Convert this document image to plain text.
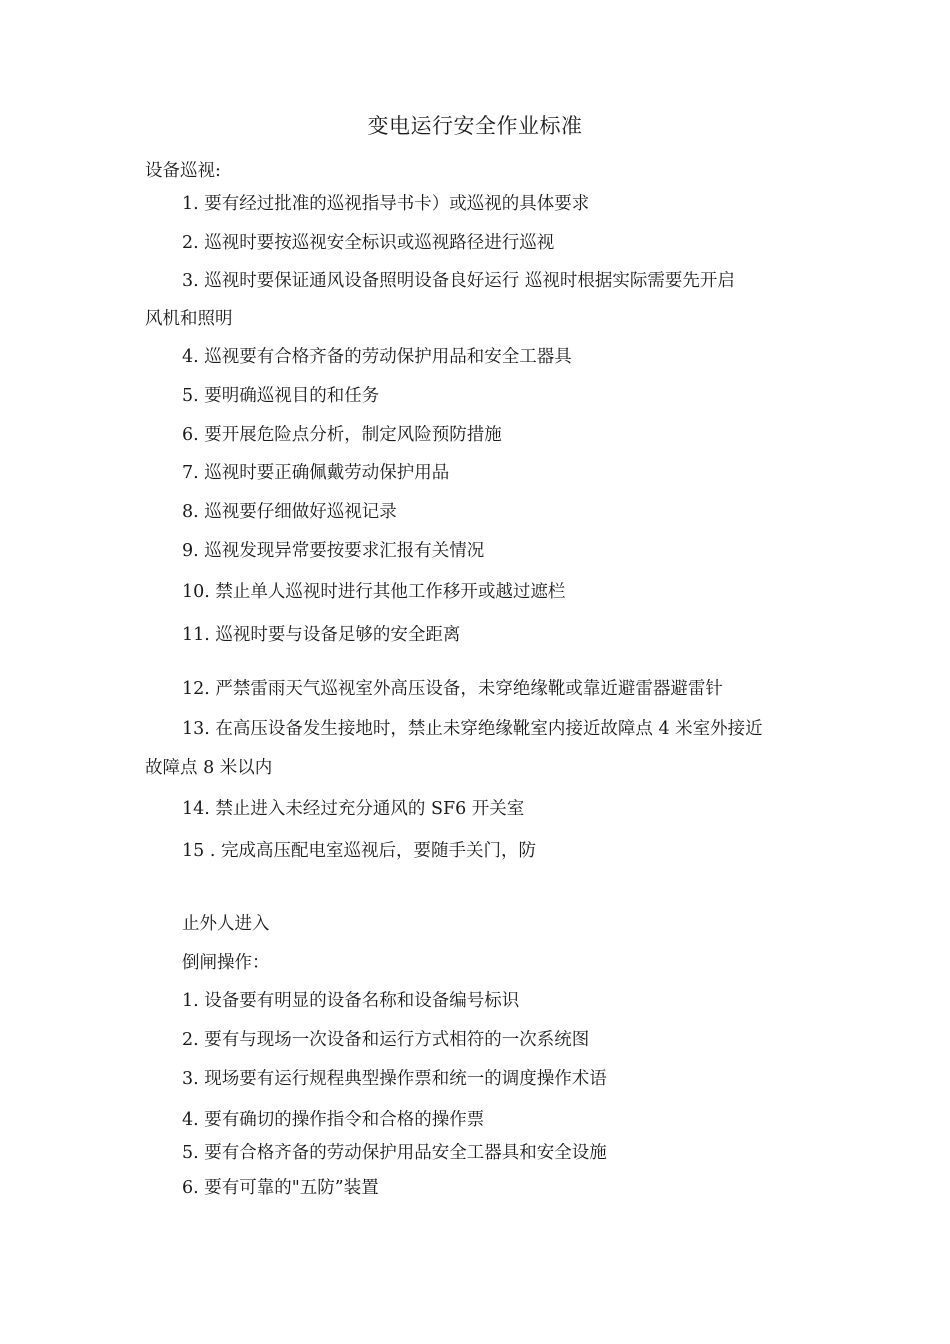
变电运行安全作业标准
设备巡视:
1. 要有经过批准的巡视指导书卡）或巡视的具体要求
2. 巡视时要按巡视安全标识或巡视路径进行巡视
3. 巡视时要保证通风设备照明设备良好运行 巡视时根据实际需要先开启
风机和照明
4. 巡视要有合格齐备的劳动保护用品和安全工器具
5. 要明确巡视目的和任务
6. 要开展危险点分析，制定风险预防措施
7. 巡视时要正确佩戴劳动保护用品
8. 巡视要仔细做好巡视记录
9. 巡视发现异常要按要求汇报有关情况
10. 禁止单人巡视时进行其他工作移开或越过遮栏
11. 巡视时要与设备足够的安全距离
12. 严禁雷雨天气巡视室外高压设备，未穿绝缘靴或靠近避雷器避雷针
13. 在高压设备发生接地时，禁止未穿绝缘靴室内接近故障点 4 米室外接近
故障点 8 米以内
14. 禁止进入未经过充分通风的 SF6 开关室
15 . 完成高压配电室巡视后，要随手关门，防
止外人进入
倒闸操作：
1. 设备要有明显的设备名称和设备编号标识
2. 要有与现场一次设备和运行方式相符的一次系统图
3. 现场要有运行规程典型操作票和统一的调度操作术语
4. 要有确切的操作指令和合格的操作票
5. 要有合格齐备的劳动保护用品安全工器具和安全设施
6. 要有可靠的"五防”装置
